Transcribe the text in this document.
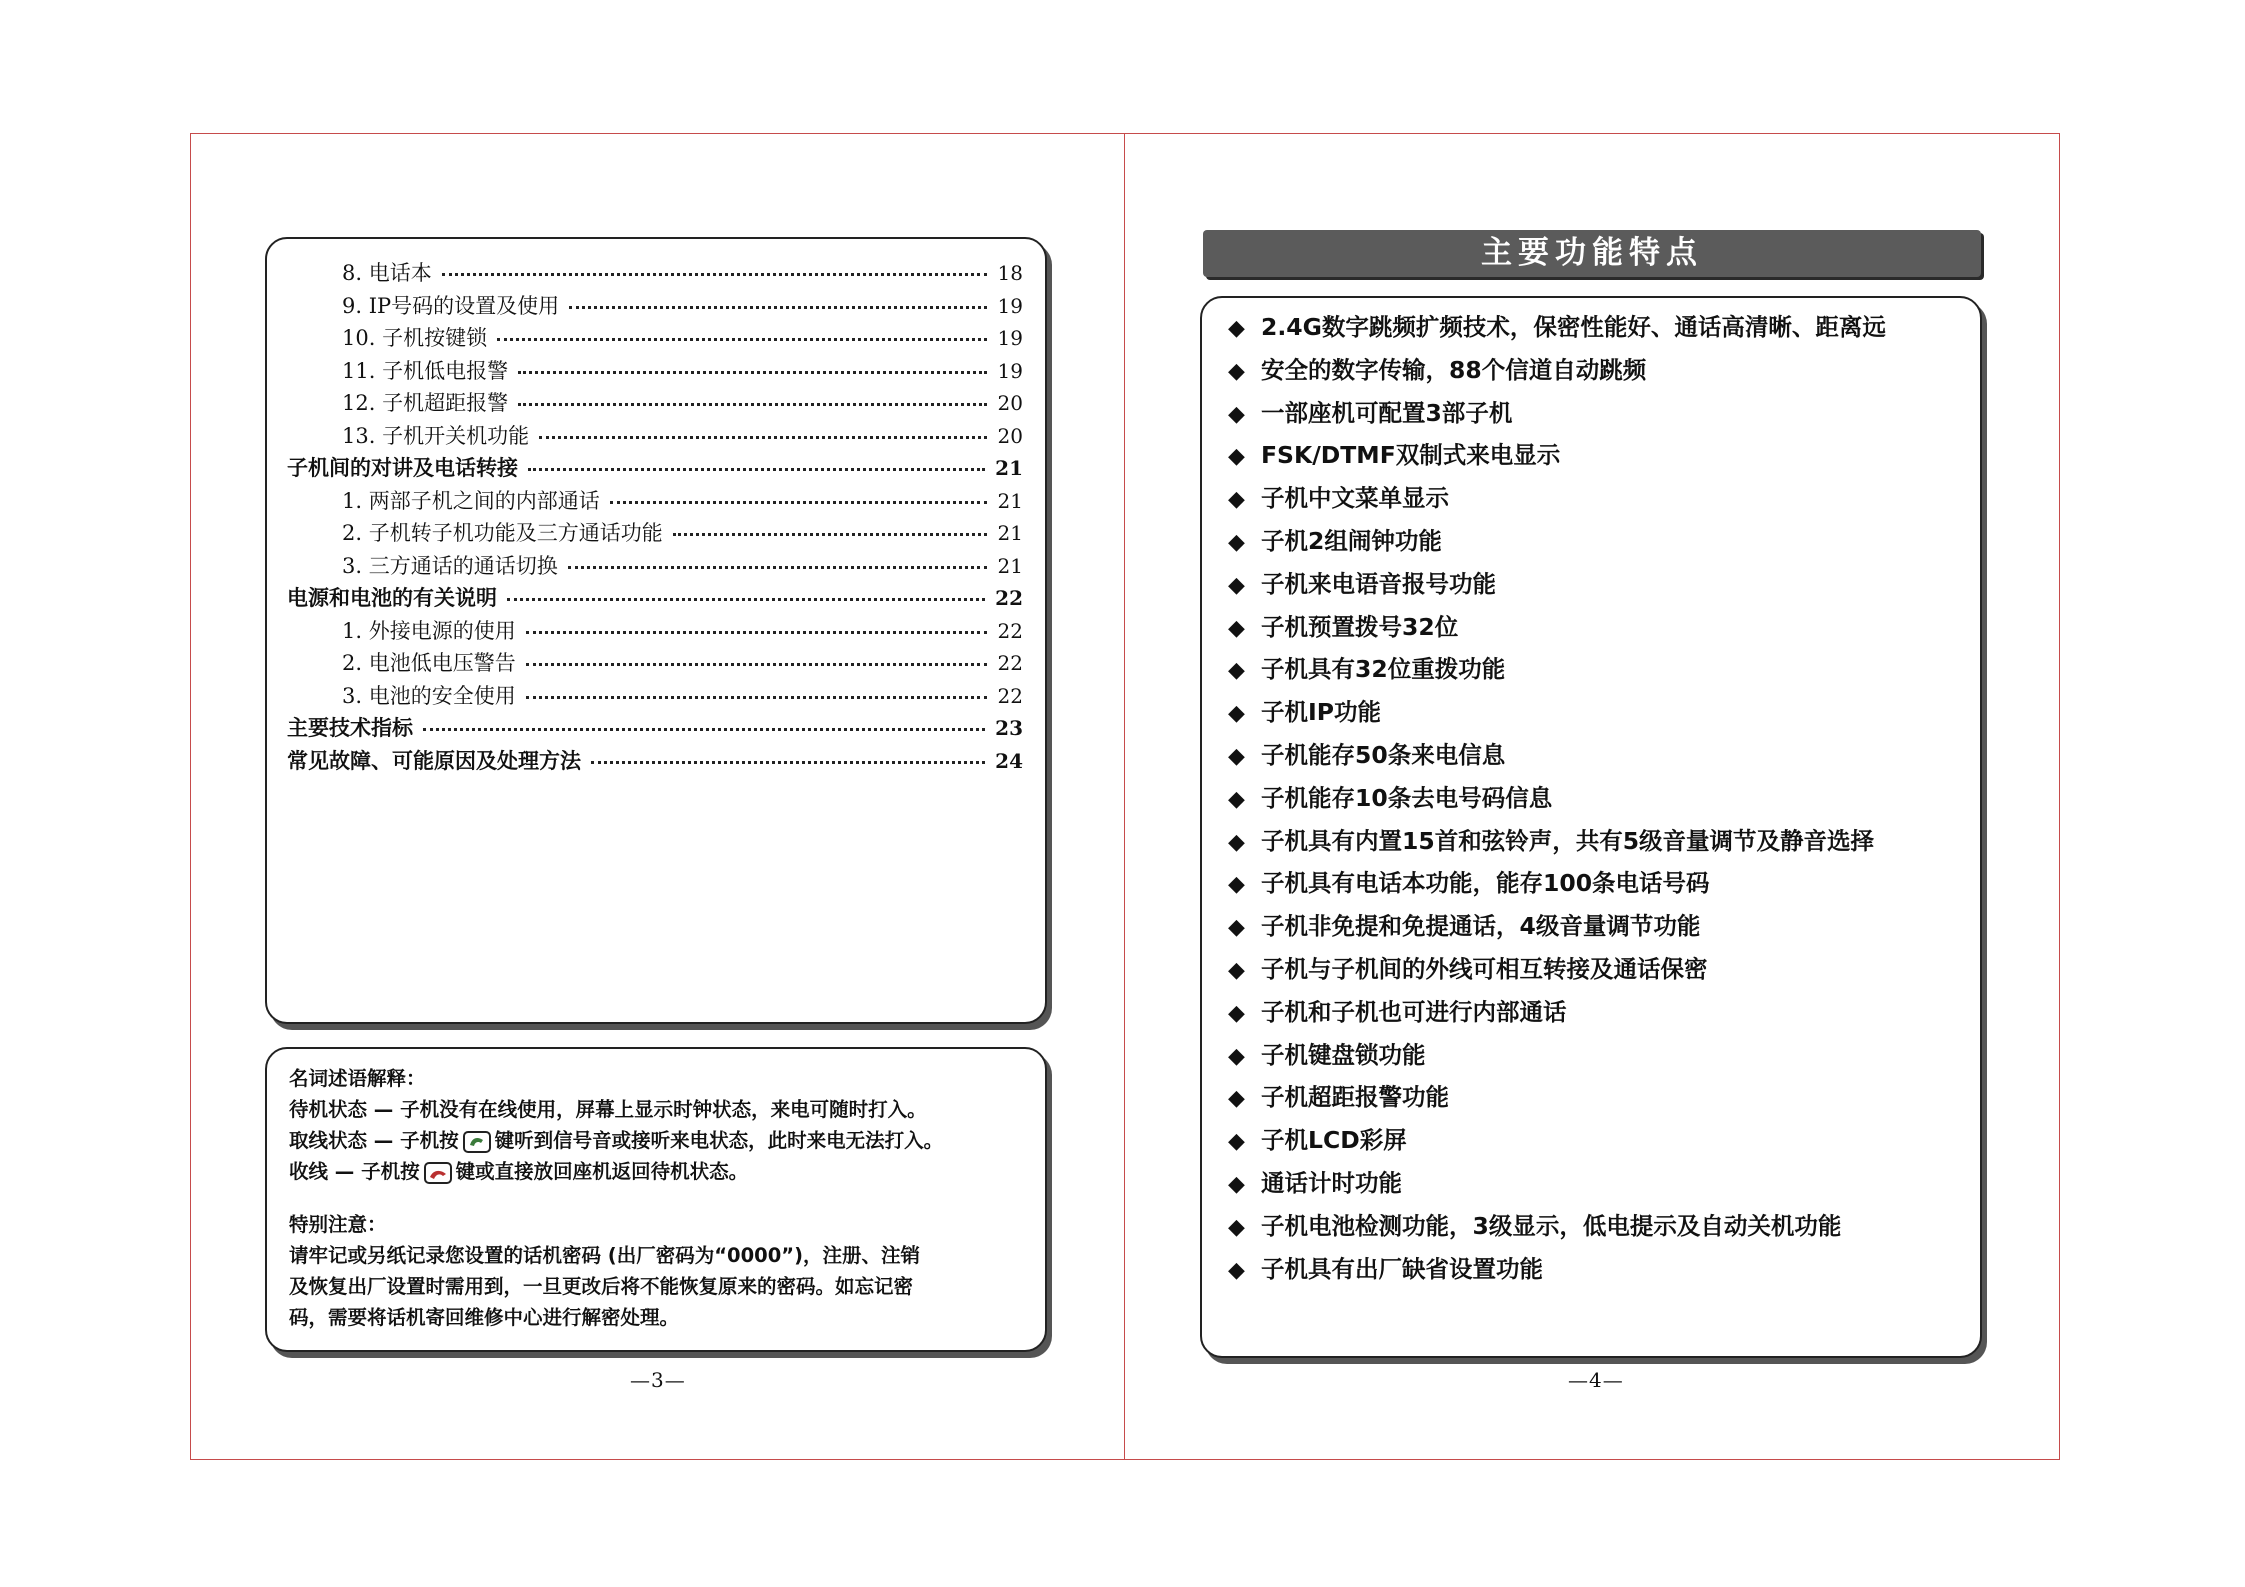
8. 电话本	18
9. IP号码的设置及使用	19
10. 子机按键锁	19
11. 子机低电报警	19
12. 子机超距报警	20
13. 子机开关机功能	20
子机间的对讲及电话转接	21
1. 两部子机之间的内部通话	21
2. 子机转子机功能及三方通话功能	21
3. 三方通话的通话切换	21
电源和电池的有关说明	22
1. 外接电源的使用	22
2. 电池低电压警告	22
3. 电池的安全使用	22
主要技术指标	23
常见故障、可能原因及处理方法	24

名词述语解释：

待机状态 — 子机没有在线使用，屏幕上显示时钟状态，来电可随时打入。

取线状态 — 子机按 键听到信号音或接听来电状态，此时来电无法打入。

收线 — 子机按 键或直接放回座机返回待机状态。

特别注意：

请牢记或另纸记录您设置的话机密码 (出厂密码为“0000”)，注册、注销

及恢复出厂设置时需用到，一旦更改后将不能恢复原来的密码。如忘记密

码，需要将话机寄回维修中心进行解密处理。

—3—	—4—
主要功能特点
◆ 2.4G数字跳频扩频技术，保密性能好、通话高清晰、距离远
◆ 安全的数字传输，88个信道自动跳频
◆ 一部座机可配置3部子机
◆ FSK/DTMF双制式来电显示
◆ 子机中文菜单显示
◆ 子机2组闹钟功能
◆ 子机来电语音报号功能
◆ 子机预置拨号32位
◆ 子机具有32位重拨功能
◆ 子机IP功能
◆ 子机能存50条来电信息
◆ 子机能存10条去电号码信息
◆ 子机具有内置15首和弦铃声，共有5级音量调节及静音选择
◆ 子机具有电话本功能，能存100条电话号码
◆ 子机非免提和免提通话，4级音量调节功能
◆ 子机与子机间的外线可相互转接及通话保密
◆ 子机和子机也可进行内部通话
◆ 子机键盘锁功能
◆ 子机超距报警功能
◆ 子机LCD彩屏
◆ 通话计时功能
◆ 子机电池检测功能，3级显示，低电提示及自动关机功能
◆ 子机具有出厂缺省设置功能
